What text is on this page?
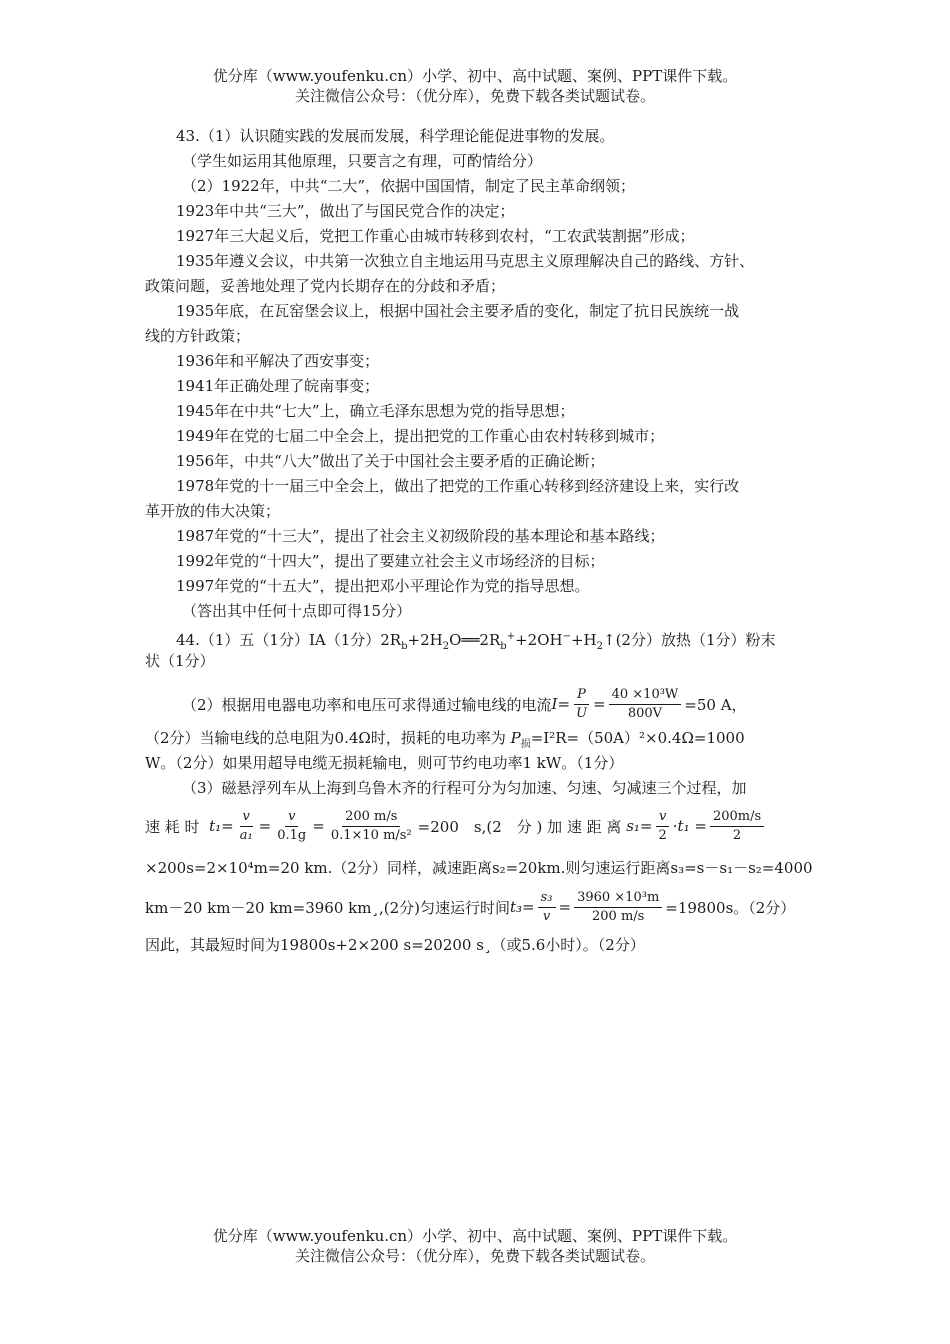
优分库（www.youfenku.cn）小学、初中、高中试题、案例、PPT课件下载。
关注微信公众号：（优分库），免费下载各类试题试卷。
43.（1）认识随实践的发展而发展，科学理论能促进事物的发展。
（学生如运用其他原理，只要言之有理，可酌情给分）
（2）1922年，中共“二大”，依据中国国情，制定了民主革命纲领；
1923年中共“三大”，做出了与国民党合作的决定；
1927年三大起义后，党把工作重心由城市转移到农村，“工农武装割据”形成；
1935年遵义会议，中共第一次独立自主地运用马克思主义原理解决自己的路线、方针、
政策问题，妥善地处理了党内长期存在的分歧和矛盾；
1935年底，在瓦窑堡会议上，根据中国社会主要矛盾的变化，制定了抗日民族统一战
线的方针政策；
1936年和平解决了西安事变；
1941年正确处理了皖南事变；
1945年在中共“七大”上，确立毛泽东思想为党的指导思想；
1949年在党的七届二中全会上，提出把党的工作重心由农村转移到城市；
1956年，中共“八大”做出了关于中国社会主要矛盾的正确论断；
1978年党的十一届三中全会上，做出了把党的工作重心转移到经济建设上来，实行改
革开放的伟大决策；
1987年党的“十三大”，提出了社会主义初级阶段的基本理论和基本路线；
1992年党的“十四大”，提出了要建立社会主义市场经济的目标；
1997年党的“十五大”，提出把邓小平理论作为党的指导思想。
（答出其中任何十点即可得15分）
44.（1）五（1分）ⅠA（1分）$2R_b+2H_2O══2R_b^++2OH^-+H_2↑(2$分）放热（1分）粉末
状（1分）
（2）根据用电器电功率和电压可求得通过输电线的电流 $I = \frac{P}{U} = \frac{\text{40 ×10³W}}{800V} =50$ A，
（2分）当输电线的总电阻为0.4Ω时，损耗的电功率为 $P_损=I^2R=(50A)^2\times 0.4\Omega=1000$
W。（2分）如果用超导电缆无损耗输电，则可节约电功率1 kW。（1分）
（3）磁悬浮列车从上海到乌鲁木齐的行程可分为匀加速、匀速、匀减速三个过程，加
速 耗 时
$t_1= \frac{v}{\text{a₁}} = \frac{v}{0.1g} = \frac{200 m/s}{\text{0.1×10 m/s²}} =200$　s,(2　分 ) 加 速 距 离
$s_1= \frac{v}{2} \cdot t_1 = \frac{200m/s}{2}$
×200s=2×10⁴m=20 km.（2分）同样，减速距离s₂=20km.则匀速运行距离s₃=s－s₁－s₂=4000
km－20 km－20 km=3960 km¸,(2分)匀速运行时间 $t_3= \frac{\text{s₃}}{v} = \frac{\text{3960 ×10³m}}{200 m/s} =19800s$。（2分）
因此，其最短时间为19800s+2×200 s=20200 s¸（或5.6小时）。（2分）
优分库（www.youfenku.cn）小学、初中、高中试题、案例、PPT课件下载。
关注微信公众号：（优分库），免费下载各类试题试卷。
